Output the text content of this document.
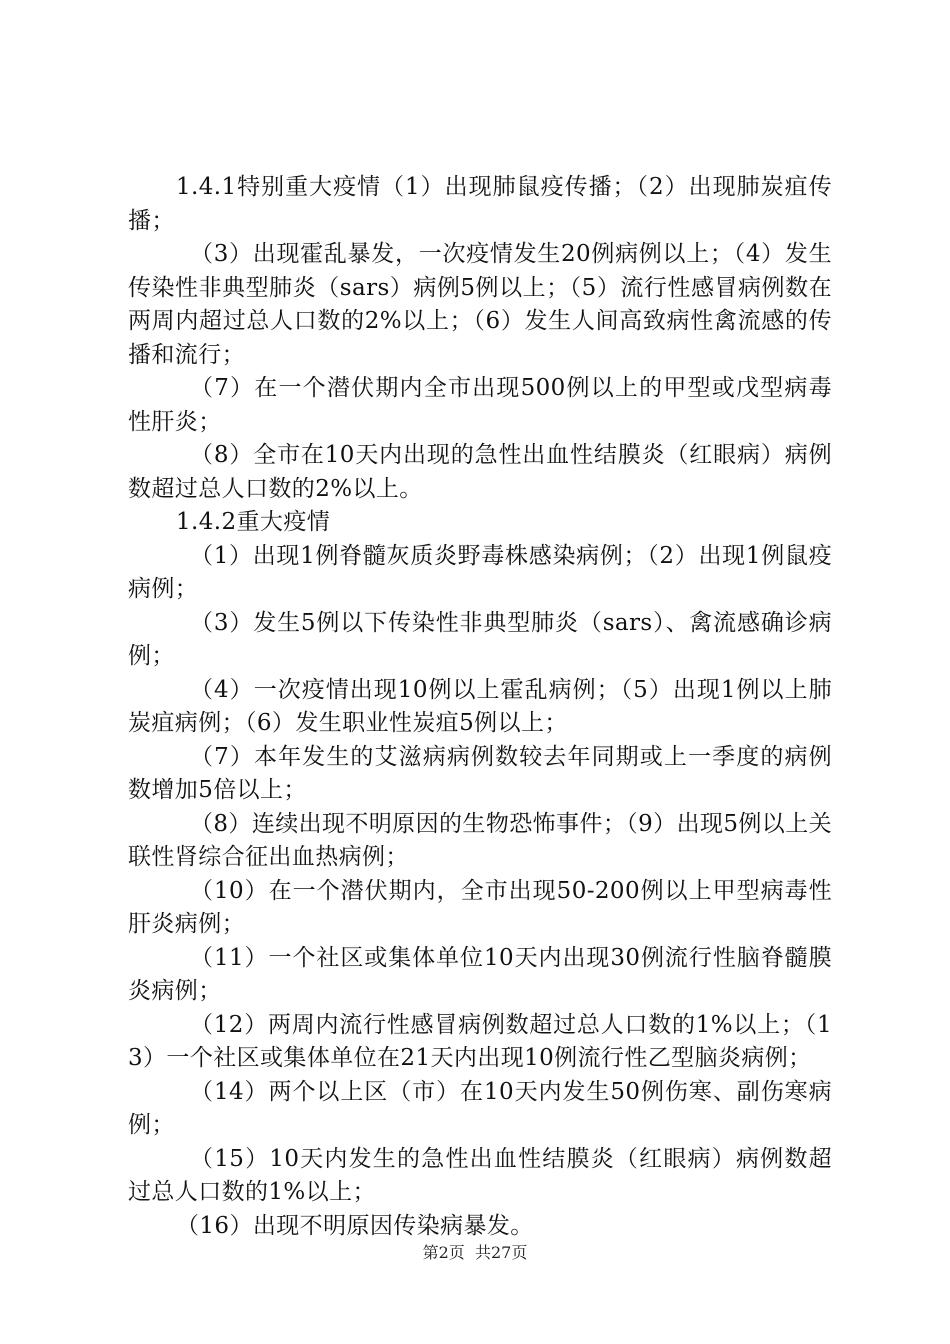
1.4.1特别重大疫情（1）出现肺鼠疫传播；（2）出现肺炭疽传播；

（3）出现霍乱暴发，一次疫情发生20例病例以上；（4）发生传染性非典型肺炎（sars）病例5例以上；（5）流行性感冒病例数在两周内超过总人口数的2%以上；（6）发生人间高致病性禽流感的传播和流行；

（7）在一个潜伏期内全市出现500例以上的甲型或戊型病毒性肝炎；

（8）全市在10天内出现的急性出血性结膜炎（红眼病）病例数超过总人口数的2%以上。

1.4.2重大疫情

（1）出现1例脊髓灰质炎野毒株感染病例；（2）出现1例鼠疫病例；

（3）发生5例以下传染性非典型肺炎（sars）、禽流感确诊病例；

（4）一次疫情出现10例以上霍乱病例；（5）出现1例以上肺炭疽病例；（6）发生职业性炭疽5例以上；

（7）本年发生的艾滋病病例数较去年同期或上一季度的病例数增加5倍以上；

（8）连续出现不明原因的生物恐怖事件；（9）出现5例以上关联性肾综合征出血热病例；

（10）在一个潜伏期内，全市出现50-200例以上甲型病毒性肝炎病例；

（11）一个社区或集体单位10天内出现30例流行性脑脊髓膜炎病例；

（12）两周内流行性感冒病例数超过总人口数的1%以上；（13）一个社区或集体单位在21天内出现10例流行性乙型脑炎病例；

（14）两个以上区（市）在10天内发生50例伤寒、副伤寒病例；

（15）10天内发生的急性出血性结膜炎（红眼病）病例数超过总人口数的1%以上；

（16）出现不明原因传染病暴发。

第2页 共27页
